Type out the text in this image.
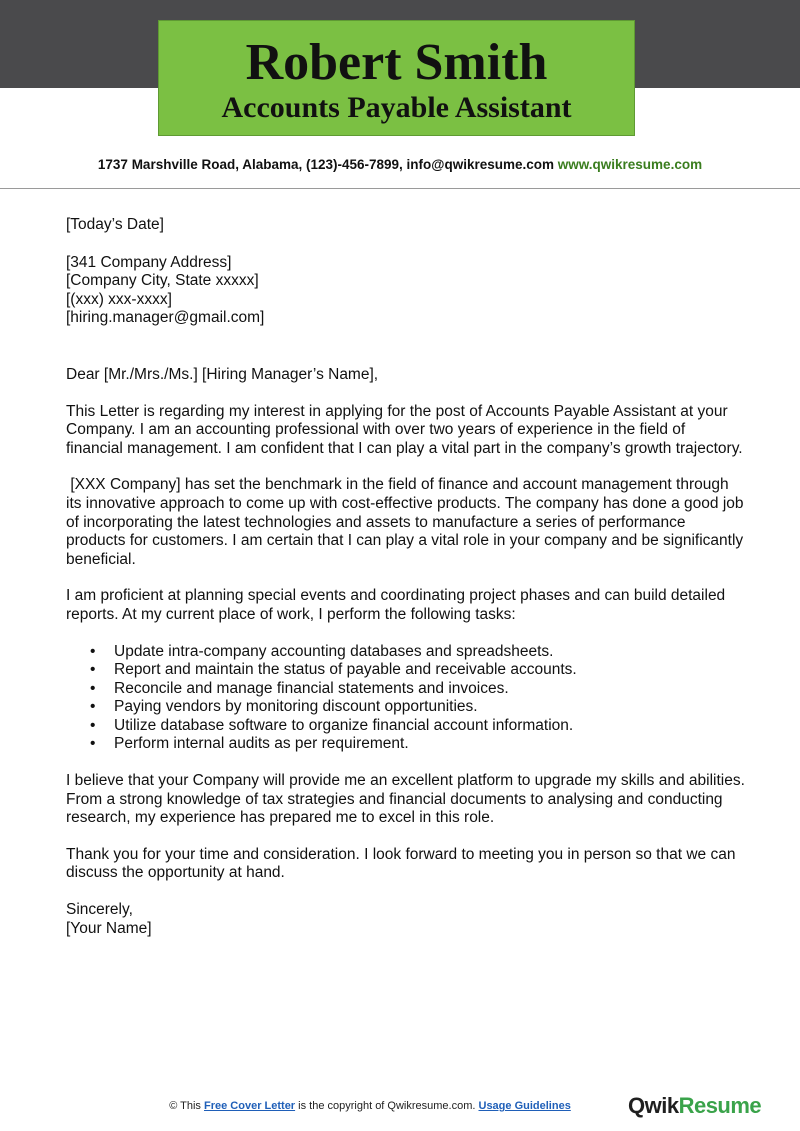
Robert Smith
Accounts Payable Assistant
1737 Marshville Road, Alabama, (123)-456-7899, info@qwikresume.com www.qwikresume.com

[Today’s Date]

[341 Company Address]

[Company City, State xxxxx]

[(xxx) xxx-xxxx]

[hiring.manager@gmail.com]

Dear [Mr./Mrs./Ms.] [Hiring Manager’s Name],

This Letter is regarding my interest in applying for the post of Accounts Payable Assistant at your Company. I am an accounting professional with over two years of experience in the field of financial management. I am confident that I can play a vital part in the company’s growth trajectory.

[XXX Company] has set the benchmark in the field of finance and account management through its innovative approach to come up with cost-effective products. The company has done a good job of incorporating the latest technologies and assets to manufacture a series of performance products for customers. I am certain that I can play a vital role in your company and be significantly beneficial.

I am proficient at planning special events and coordinating project phases and can build detailed reports. At my current place of work, I perform the following tasks:

• Update intra-company accounting databases and spreadsheets.
• Report and maintain the status of payable and receivable accounts.
• Reconcile and manage financial statements and invoices.
• Paying vendors by monitoring discount opportunities.
• Utilize database software to organize financial account information.
• Perform internal audits as per requirement.

I believe that your Company will provide me an excellent platform to upgrade my skills and abilities. From a strong knowledge of tax strategies and financial documents to analysing and conducting research, my experience has prepared me to excel in this role.

Thank you for your time and consideration. I look forward to meeting you in person so that we can discuss the opportunity at hand.

Sincerely,

[Your Name]

© This Free Cover Letter is the copyright of Qwikresume.com. Usage Guidelines	QwikResume
